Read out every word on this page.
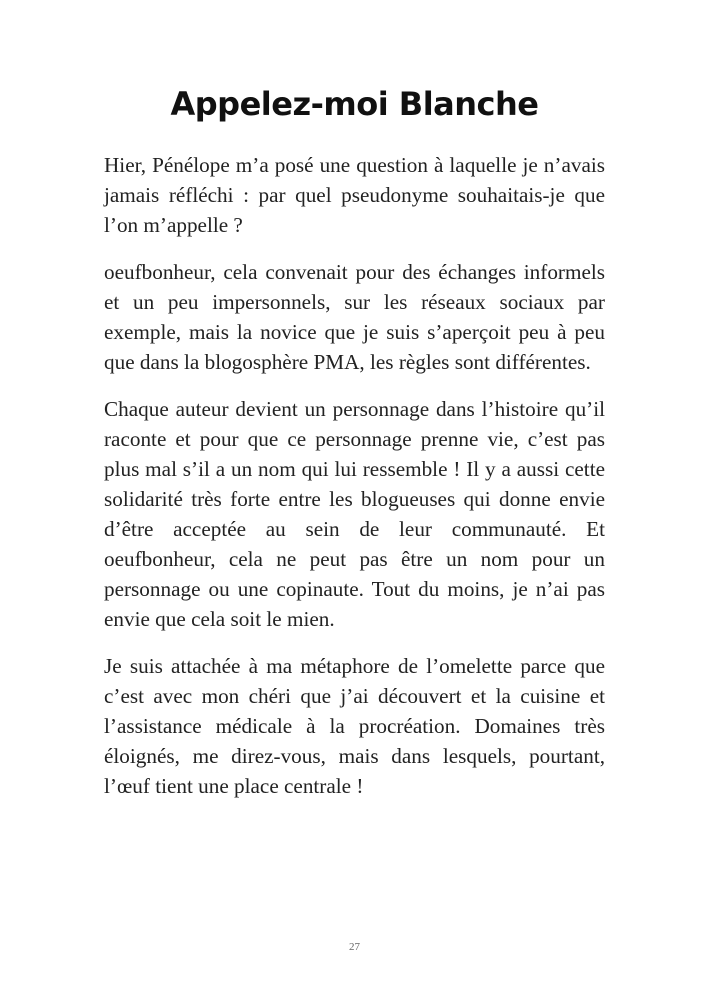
Appelez-moi Blanche

Hier, Pénélope m’a posé une question à laquelle je n’avais jamais réfléchi : par quel pseudonyme souhaitais-je que l’on m’appelle ?

oeufbonheur, cela convenait pour des échanges informels et un peu impersonnels, sur les réseaux sociaux par exemple, mais la novice que je suis s’aperçoit peu à peu que dans la blogosphère PMA, les règles sont différentes.

Chaque auteur devient un personnage dans l’histoire qu’il raconte et pour que ce personnage prenne vie, c’est pas plus mal s’il a un nom qui lui ressemble ! Il y a aussi cette solidarité très forte entre les blogueuses qui donne envie d’être acceptée au sein de leur communauté. Et oeufbonheur, cela ne peut pas être un nom pour un personnage ou une copinaute. Tout du moins, je n’ai pas envie que cela soit le mien.

Je suis attachée à ma métaphore de l’omelette parce que c’est avec mon chéri que j’ai découvert et la cuisine et l’assistance médicale à la procréation. Domaines très éloignés, me direz-vous, mais dans lesquels, pourtant, l’œuf tient une place centrale !

27
